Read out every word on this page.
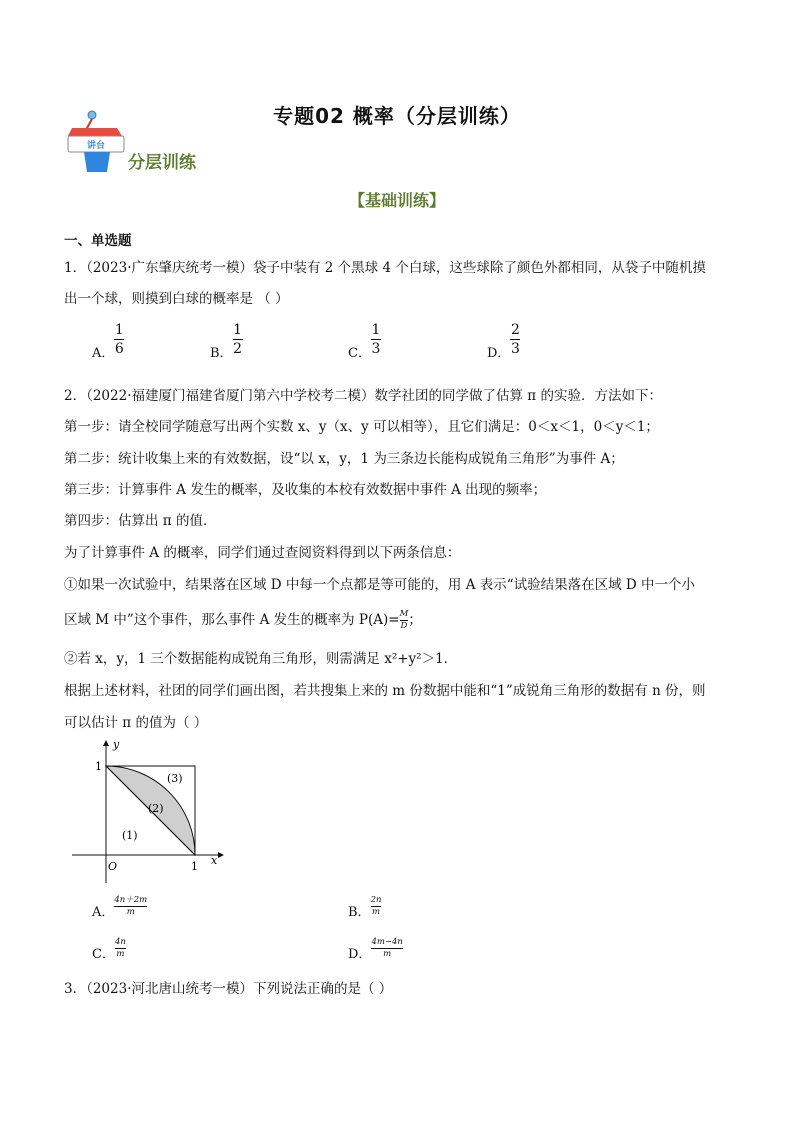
专题02 概率（分层训练）
讲台
分层训练
【基础训练】
一、单选题
1．（2023·广东肇庆统考一模）袋子中装有 2 个黑球 4 个白球，这些球除了颜色外都相同，从袋子中随机摸
出一个球，则摸到白球的概率是 （ ）
A． $\frac{1}{6}$	B． $\frac{1}{2}$	C． $\frac{1}{3}$	D． $\frac{2}{3}$
2．（2022·福建厦门福建省厦门第六中学校考二模）数学社团的同学做了估算 π 的实验．方法如下：
第一步：请全校同学随意写出两个实数 x、y（x、y 可以相等），且它们满足：0＜x＜1，0＜y＜1；
第二步：统计收集上来的有效数据，设“以 x，y，1 为三条边长能构成锐角三角形”为事件 A；
第三步：计算事件 A 发生的概率，及收集的本校有效数据中事件 A 出现的频率；
第四步：估算出 π 的值．
为了计算事件 A 的概率，同学们通过查阅资料得到以下两条信息：
①如果一次试验中，结果落在区域 D 中每一个点都是等可能的，用 A 表示“试验结果落在区域 D 中一个小
区域 M 中”这个事件，那么事件 A 发生的概率为 $P(A)= \frac{M}{D}$ ；
②若 x，y，1 三个数据能构成锐角三角形，则需满足 x²+y²＞1．
根据上述材料，社团的同学们画出图，若共搜集上来的 m 份数据中能和“1”成锐角三角形的数据有 n 份，则
可以估计 π 的值为（ ）
y
x
O
1
1
(1)
(2)
(3)
A． $\frac{4n+2m}{m}$	B． $\frac{2n}{m}$
C． $\frac{4n}{m}$	D． $\frac{4m-4n}{m}$
3．（2023·河北唐山统考一模）下列说法正确的是（ ）
